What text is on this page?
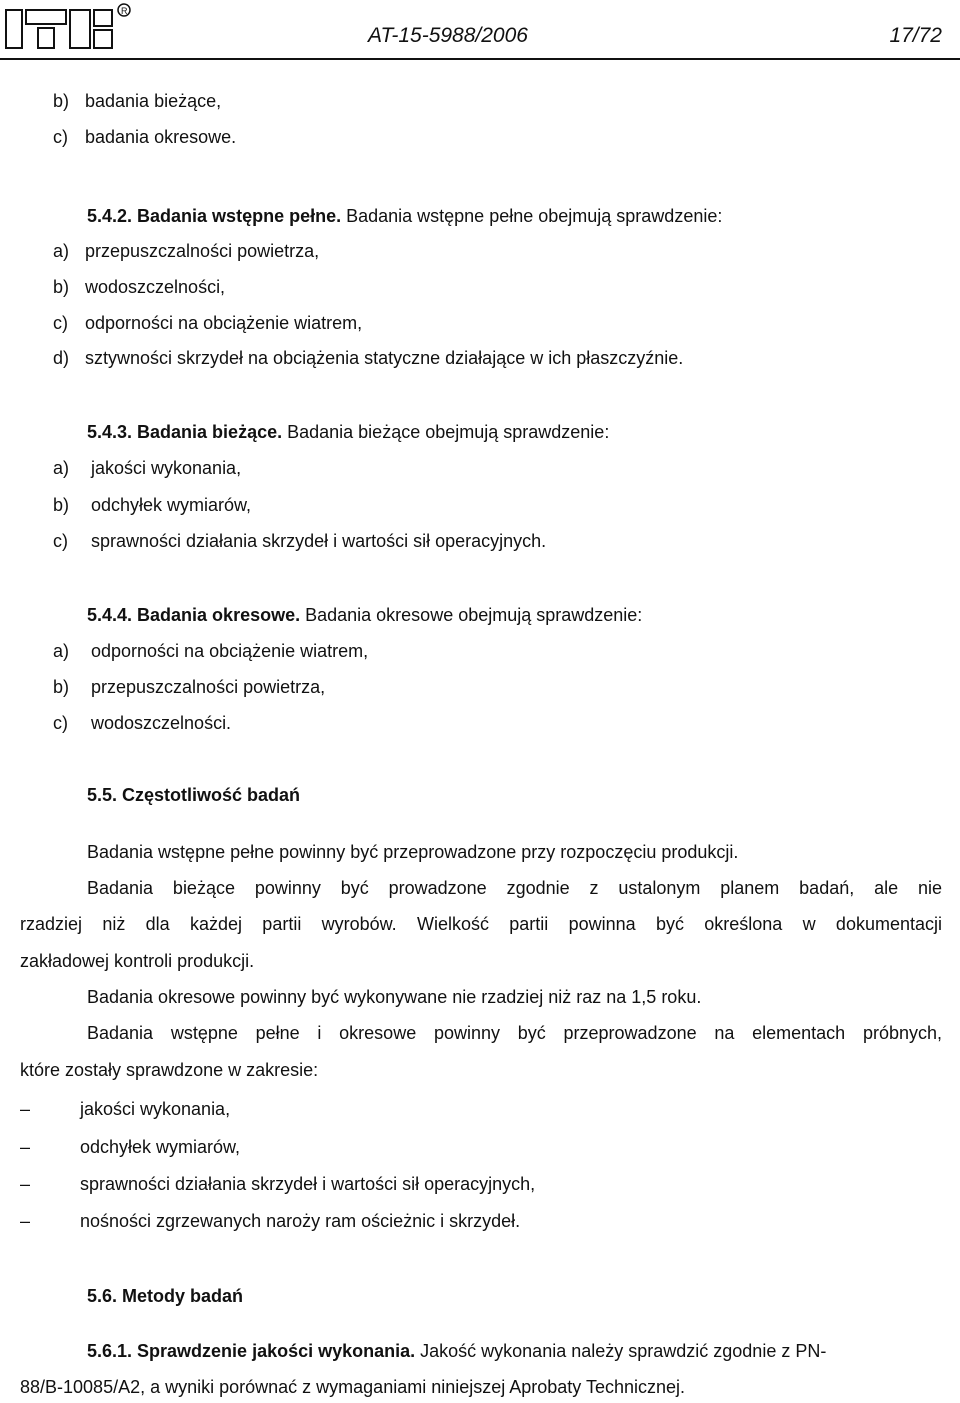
R
AT-15-5988/2006	17/72
b) badania bieżące,
c) badania okresowe.
5.4.2. Badania wstępne pełne. Badania wstępne pełne obejmują sprawdzenie:
a) przepuszczalności powietrza,
b) wodoszczelności,
c) odporności na obciążenie wiatrem,
d) sztywności skrzydeł na obciążenia statyczne działające w ich płaszczyźnie.
5.4.3. Badania bieżące. Badania bieżące obejmują sprawdzenie:
a) jakości wykonania,
b) odchyłek wymiarów,
c) sprawności działania skrzydeł i wartości sił operacyjnych.
5.4.4. Badania okresowe. Badania okresowe obejmują sprawdzenie:
a) odporności na obciążenie wiatrem,
b) przepuszczalności powietrza,
c) wodoszczelności.
5.5. Częstotliwość badań
Badania wstępne pełne powinny być przeprowadzone przy rozpoczęciu produkcji.
Badania bieżące powinny być prowadzone zgodnie z ustalonym planem badań, ale nie
rzadziej niż dla każdej partii wyrobów. Wielkość partii powinna być określona w dokumentacji
zakładowej kontroli produkcji.
Badania okresowe powinny być wykonywane nie rzadziej niż raz na 1,5 roku.
Badania wstępne pełne i okresowe powinny być przeprowadzone na elementach próbnych,
które zostały sprawdzone w zakresie:
–	jakości wykonania,
–	odchyłek wymiarów,
–	sprawności działania skrzydeł i wartości sił operacyjnych,
–	nośności zgrzewanych naroży ram ościeżnic i skrzydeł.
5.6. Metody badań
5.6.1. Sprawdzenie jakości wykonania. Jakość wykonania należy sprawdzić zgodnie z PN-
88/B-10085/A2, a wyniki porównać z wymaganiami niniejszej Aprobaty Technicznej.
